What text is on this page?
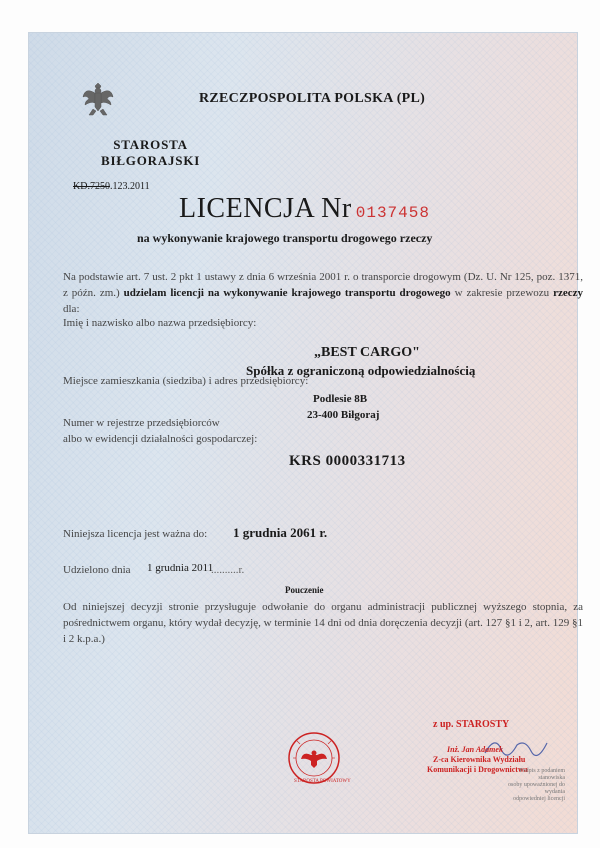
RZECZPOSPOLITA POLSKA (PL)
STAROSTA
BIŁGORAJSKI
KD.7250.123.2011
LICENCJA Nr 0137458
na wykonywanie krajowego transportu drogowego rzeczy
Na podstawie art. 7 ust. 2 pkt 1 ustawy z dnia 6 września 2001 r. o transporcie drogowym (Dz. U. Nr 125, poz. 1371, z późn. zm.) udzielam licencji na wykonywanie krajowego transportu drogowego w zakresie przewozu rzeczy dla:
Imię i nazwisko albo nazwa przedsiębiorcy:
„BEST CARGO"
Spółka z ograniczoną odpowiedzialnością
Miejsce zamieszkania (siedziba) i adres przedsiębiorcy:
Podlesie 8B
23-400 Biłgoraj
Numer w rejestrze przedsiębiorców
albo w ewidencji działalności gospodarczej:
KRS 0000331713
Niniejsza licencja jest ważna do: 1 grudnia 2061 r.
Udzielono dnia 1 grudnia 2011
..........r.
Pouczenie
Od niniejszej decyzji stronie przysługuje odwołanie do organu administracji publicznej wyższego stopnia, za pośrednictwem organu, który wydał decyzję, w terminie 14 dni od dnia doręczenia decyzji (art. 127 §1 i 2, art. 129 §1 i 2 k.p.a.)
STAROSTA POWIATOWY
z up. STAROSTY
Inż. Jan Adamek
Z-ca Kierownika Wydziału
Komunikacji i Drogownictwa
Podpis z podaniem stanowiska
osoby upoważnionej do wydania
odpowiedniej licencji
